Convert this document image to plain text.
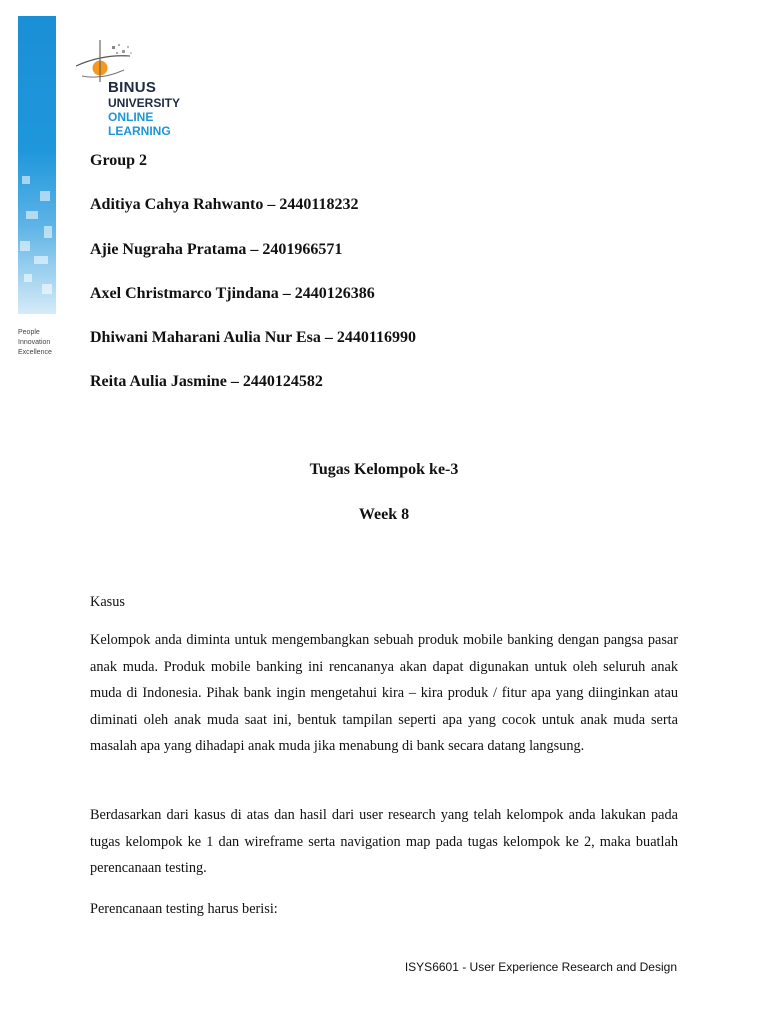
People
Innovation
Excellence
BINUS
UNIVERSITY
ONLINE
LEARNING
Group 2
Aditiya Cahya Rahwanto – 2440118232
Ajie Nugraha Pratama – 2401966571
Axel Christmarco Tjindana – 2440126386
Dhiwani Maharani Aulia Nur Esa – 2440116990
Reita Aulia Jasmine – 2440124582
Tugas Kelompok ke-3
Week 8
Kasus
Kelompok anda diminta untuk mengembangkan sebuah produk mobile banking dengan pangsa pasar anak muda. Produk mobile banking ini rencananya akan dapat digunakan untuk oleh seluruh anak muda di Indonesia. Pihak bank ingin mengetahui kira – kira produk / fitur apa yang diinginkan atau diminati oleh anak muda saat ini, bentuk tampilan seperti apa yang cocok untuk anak muda serta masalah apa yang dihadapi anak muda jika menabung di bank secara datang langsung.
Berdasarkan dari kasus di atas dan hasil dari user research yang telah kelompok anda lakukan pada tugas kelompok ke 1 dan wireframe serta navigation map pada tugas kelompok ke 2, maka buatlah perencanaan testing.
Perencanaan testing harus berisi:
ISYS6601 - User Experience Research and Design
